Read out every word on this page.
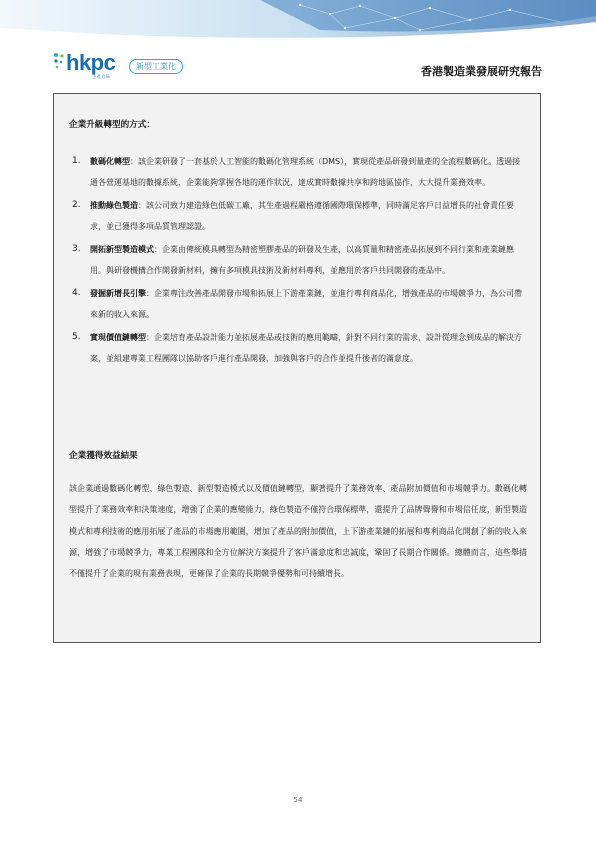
hkpc
生產力局
新型工業化	香港製造業發展研究報告
企業升級轉型的方式：
1. 數碼化轉型：該企業研發了一套基於人工智能的數碼化管理系統（DMS），實現從產品研發到量產的全流程數碼化。透過接通各營運基地的數據系統，企業能夠掌握各地的運作狀況，達成實時數據共享和跨地區協作，大大提升業務效率。
2. 推動綠色製造：該公司致力建造綠色低碳工廠，其生產過程嚴格遵循國際環保標準，同時滿足客戶日益增長的社會責任要求，並已獲得多項品質管理認證。
3. 開拓新型製造模式：企業由傳統模具轉型為精密塑膠產品的研發及生產，以高質量和精密產品拓展到不同行業和產業鏈應用。與研發機構合作開發新材料，擁有多項模具技術及新材料專利，並應用於客戶共同開發的產品中。
4. 發掘新增長引擎：企業專注改善產品開發市場和拓展上下游產業鏈，並進行專利商品化，增強產品的市場競爭力，為公司帶來新的收入來源。
5. 實現價值鏈轉型：企業培育產品設計能力並拓展產品或技術的應用範疇，針對不同行業的需求，設計從理念到成品的解決方案，並組建專業工程團隊以協助客戶進行產品開發，加強與客戶的合作並提升後者的滿意度。
企業獲得效益結果
該企業通過數碼化轉型、綠色製造、新型製造模式以及價值鏈轉型，顯著提升了業務效率、產品附加價值和市場競爭力。數碼化轉型提升了業務效率和決策速度，增強了企業的應變能力，綠色製造不僅符合環保標準，還提升了品牌聲譽和市場信任度，新型製造模式和專利技術的應用拓展了產品的市場應用範圍，增加了產品的附加價值，上下游產業鏈的拓展和專利商品化開創了新的收入來源，增強了市場競爭力，專業工程團隊和全方位解決方案提升了客戶滿意度和忠誠度，鞏固了長期合作關係。總體而言，這些舉措不僅提升了企業的現有業務表現，更確保了企業的長期競爭優勢和可持續增長。
54
